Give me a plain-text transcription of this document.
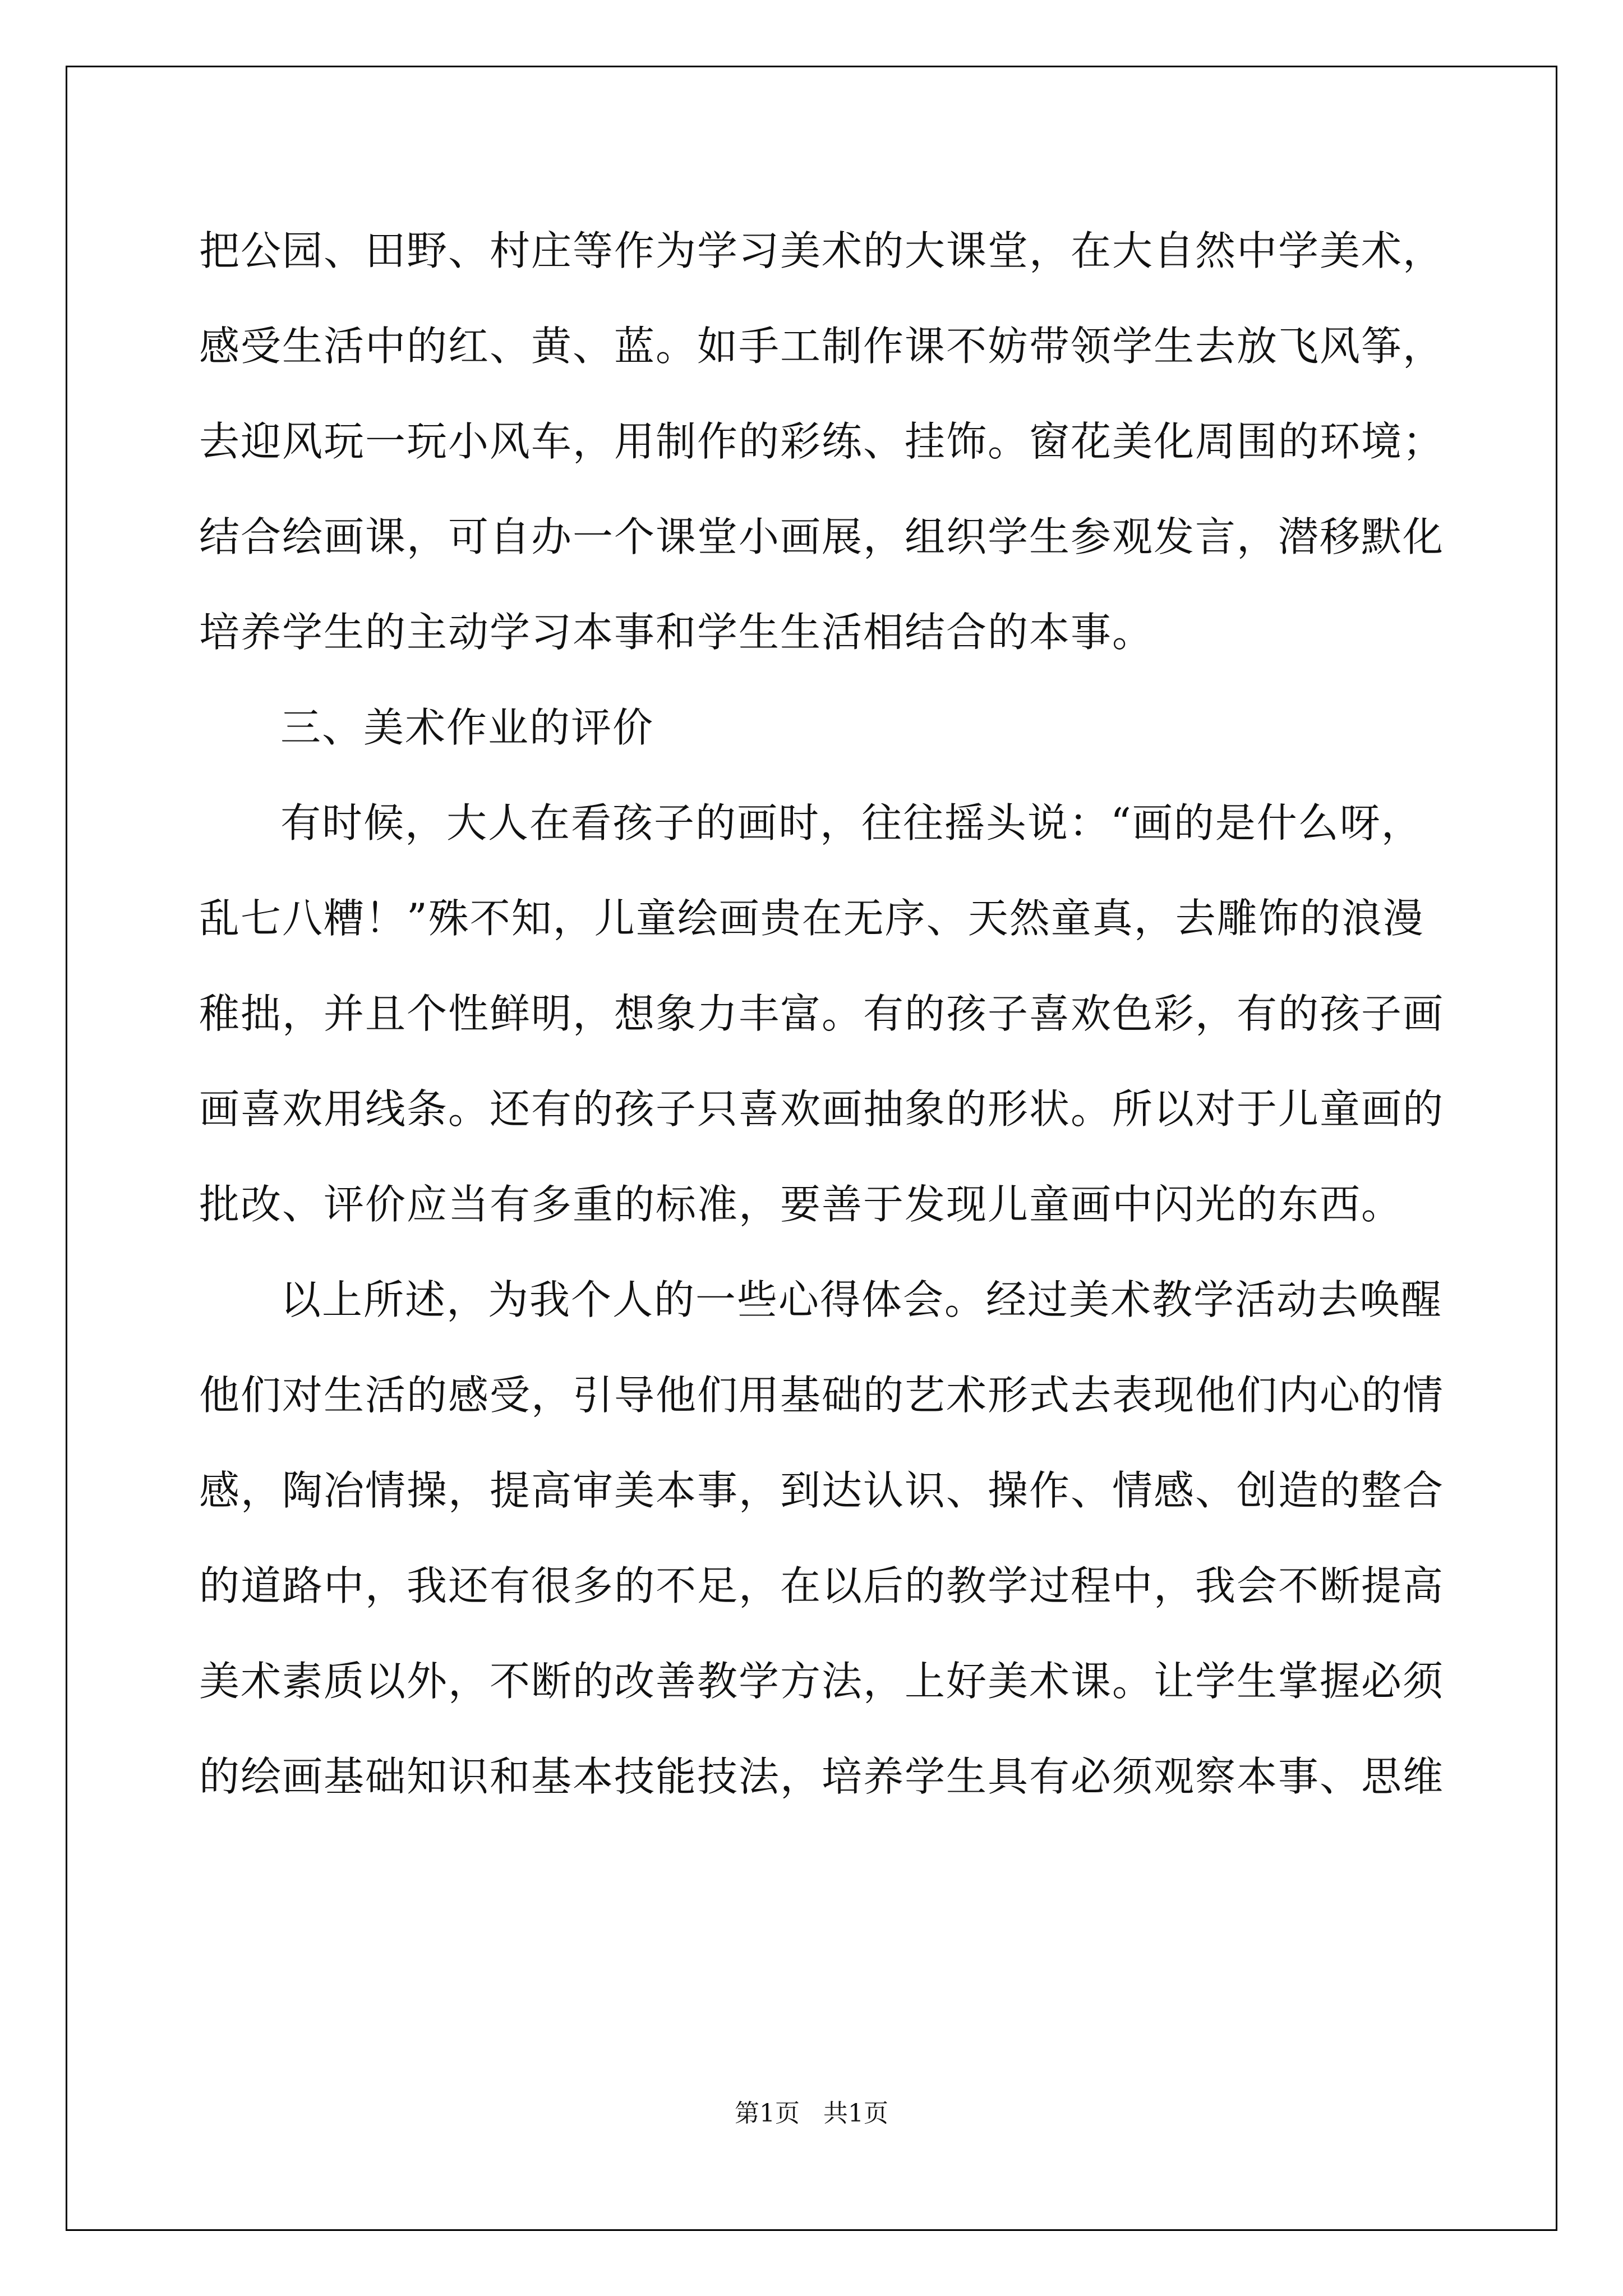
把公园、田野、村庄等作为学习美术的大课堂，在大自然中学美术，
感受生活中的红、黄、蓝。如手工制作课不妨带领学生去放飞风筝，
去迎风玩一玩小风车，用制作的彩练、挂饰。窗花美化周围的环境；
结合绘画课，可自办一个课堂小画展，组织学生参观发言，潜移默化
培养学生的主动学习本事和学生生活相结合的本事。
三、美术作业的评价
有时候，大人在看孩子的画时，往往摇头说：“画的是什么呀，
乱七八糟！”殊不知，儿童绘画贵在无序、天然童真，去雕饰的浪漫
稚拙，并且个性鲜明，想象力丰富。有的孩子喜欢色彩，有的孩子画
画喜欢用线条。还有的孩子只喜欢画抽象的形状。所以对于儿童画的
批改、评价应当有多重的标准，要善于发现儿童画中闪光的东西。
以上所述，为我个人的一些心得体会。经过美术教学活动去唤醒
他们对生活的感受，引导他们用基础的艺术形式去表现他们内心的情
感，陶冶情操，提高审美本事，到达认识、操作、情感、创造的整合
的道路中，我还有很多的不足，在以后的教学过程中，我会不断提高
美术素质以外，不断的改善教学方法，上好美术课。让学生掌握必须
的绘画基础知识和基本技能技法，培养学生具有必须观察本事、思维
第1页   共1页
